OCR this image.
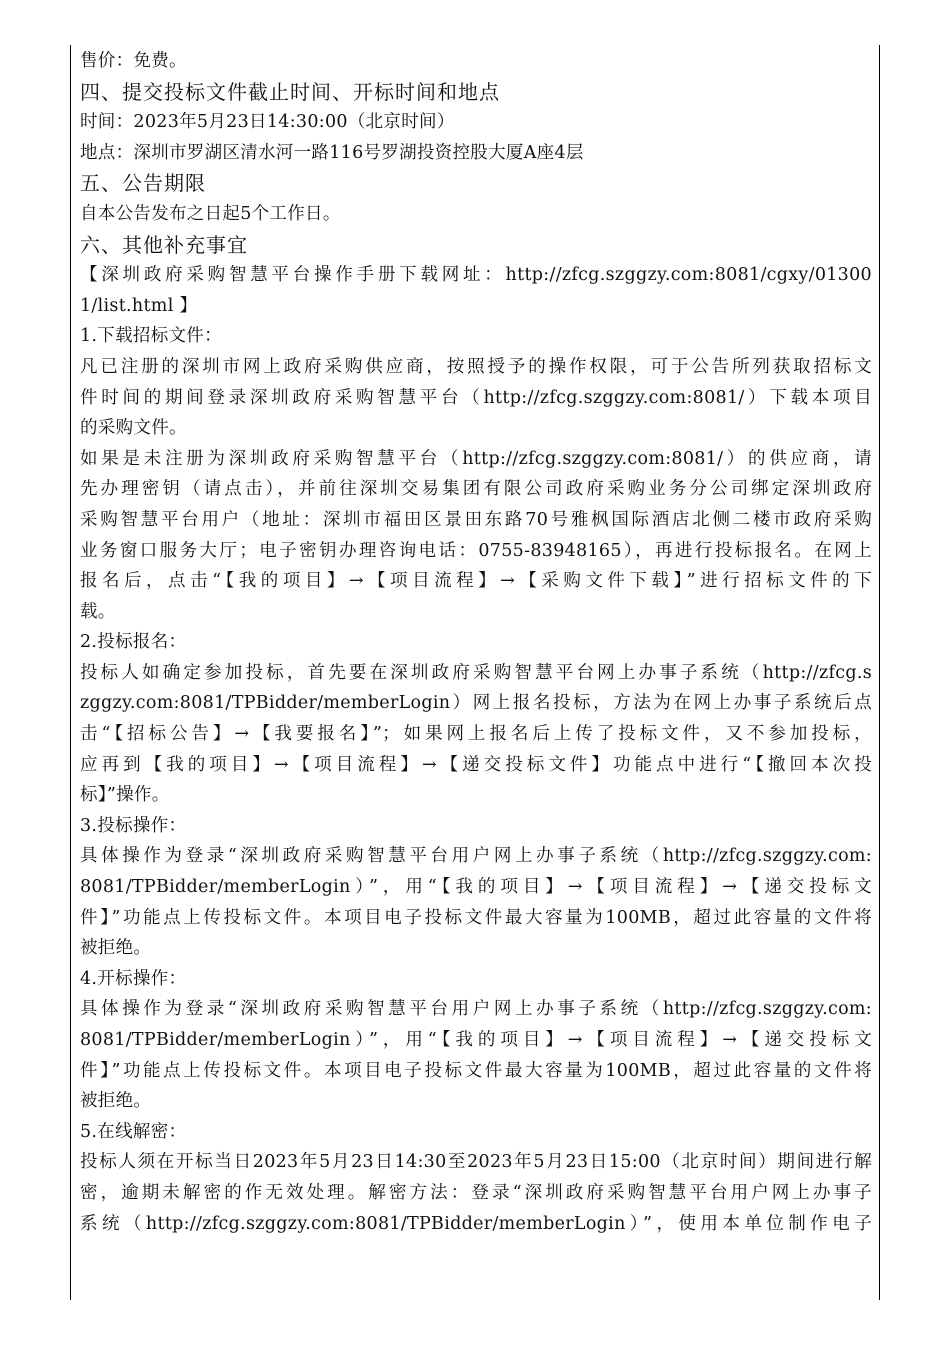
售价：免费。
四、提交投标文件截止时间、开标时间和地点
时间：2023年5月23日14:30:00（北京时间）
地点：深圳市罗湖区清水河一路116号罗湖投资控股大厦A座4层
五、公告期限
自本公告发布之日起5个工作日。
六、其他补充事宜
【深圳政府采购智慧平台操作手册下载网址：http://zfcg.szggzy.com:8081/cgxy/01300
1/list.html 】
1.下载招标文件：
凡已注册的深圳市网上政府采购供应商，按照授予的操作权限，可于公告所列获取招标文
件时间的期间登录深圳政府采购智慧平台（http://zfcg.szggzy.com:8081/）下载本项目
的采购文件。
如果是未注册为深圳政府采购智慧平台（http://zfcg.szggzy.com:8081/）的供应商，请
先办理密钥（请点击），并前往深圳交易集团有限公司政府采购业务分公司绑定深圳政府
采购智慧平台用户（地址：深圳市福田区景田东路70号雅枫国际酒店北侧二楼市政府采购
业务窗口服务大厅；电子密钥办理咨询电话：0755-83948165），再进行投标报名。在网上
报名后，点击“【我的项目】→【项目流程】→【采购文件下载】”进行招标文件的下
载。
2.投标报名：
投标人如确定参加投标，首先要在深圳政府采购智慧平台网上办事子系统（http://zfcg.s
zggzy.com:8081/TPBidder/memberLogin）网上报名投标，方法为在网上办事子系统后点
击“【招标公告】→【我要报名】”；如果网上报名后上传了投标文件，又不参加投标，
应再到【我的项目】→【项目流程】→【递交投标文件】功能点中进行“【撤回本次投
标】”操作。
3.投标操作：
具体操作为登录“深圳政府采购智慧平台用户网上办事子系统（http://zfcg.szggzy.com:
8081/TPBidder/memberLogin）”，用“【我的项目】→【项目流程】→【递交投标文
件】”功能点上传投标文件。本项目电子投标文件最大容量为100MB，超过此容量的文件将
被拒绝。
4.开标操作：
具体操作为登录“深圳政府采购智慧平台用户网上办事子系统（http://zfcg.szggzy.com:
8081/TPBidder/memberLogin）”，用“【我的项目】→【项目流程】→【递交投标文
件】”功能点上传投标文件。本项目电子投标文件最大容量为100MB，超过此容量的文件将
被拒绝。
5.在线解密：
投标人须在开标当日2023年5月23日14:30至2023年5月23日15:00（北京时间）期间进行解
密，逾期未解密的作无效处理。解密方法：登录“深圳政府采购智慧平台用户网上办事子
系统（http://zfcg.szggzy.com:8081/TPBidder/memberLogin）”，使用本单位制作电子
